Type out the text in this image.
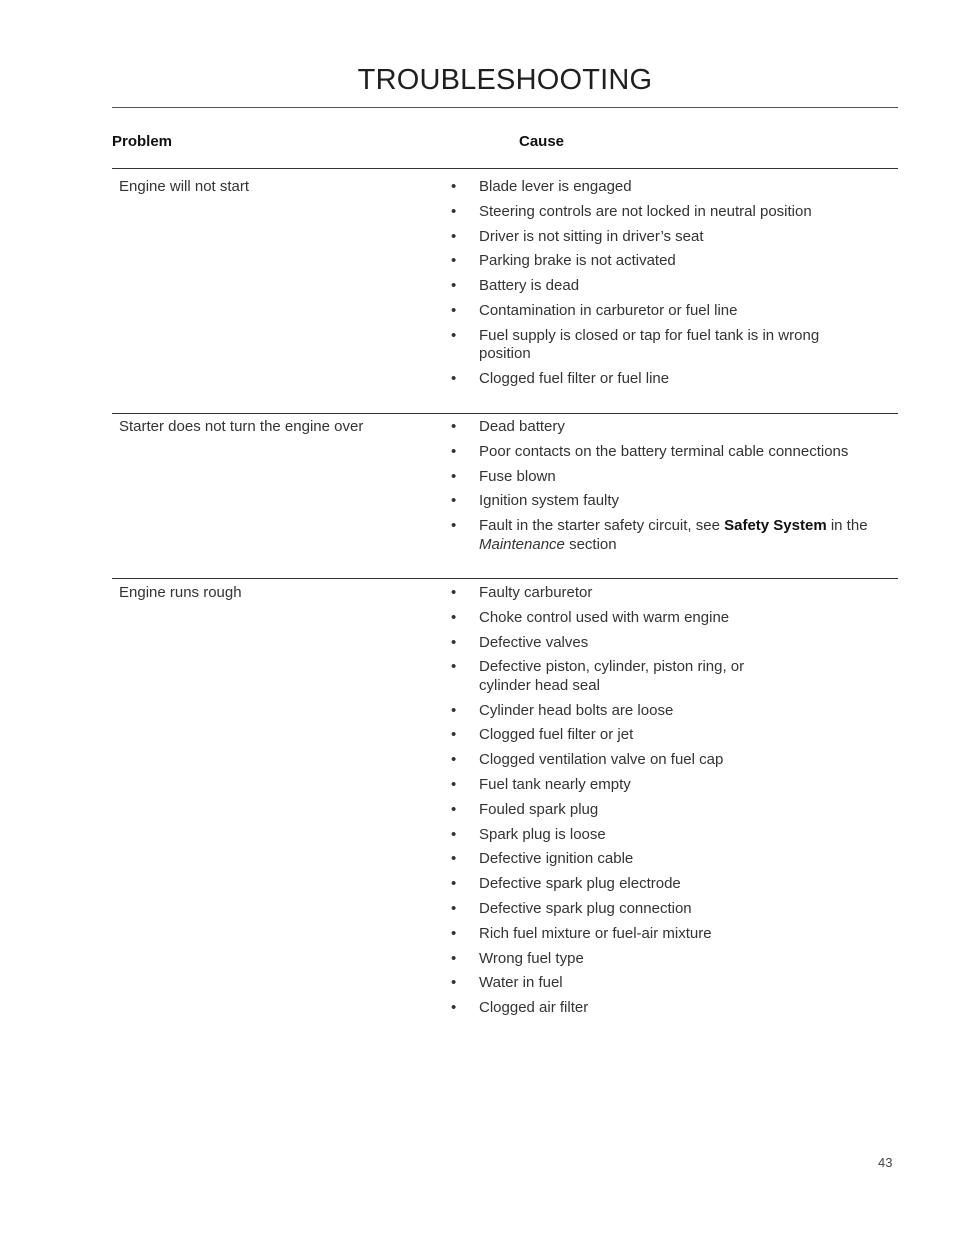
TROUBLESHOOTING
Problem	Cause
Engine will not start	• Blade lever is engaged
• Steering controls are not locked in neutral position
• Driver is not sitting in driver’s seat
• Parking brake is not activated
• Battery is dead
• Contamination in carburetor or fuel line
• Fuel supply is closed or tap for fuel tank is in wrong position
• Clogged fuel filter or fuel line
Starter does not turn the engine over	• Dead battery
• Poor contacts on the battery terminal cable connections
• Fuse blown
• Ignition system faulty
• Fault in the starter safety circuit, see Safety System in the
Maintenance section
Engine runs rough	• Faulty carburetor
• Choke control used with warm engine
• Defective valves
• Defective piston, cylinder, piston ring, or cylinder head seal
• Cylinder head bolts are loose
• Clogged fuel filter or jet
• Clogged ventilation valve on fuel cap
• Fuel tank nearly empty
• Fouled spark plug
• Spark plug is loose
• Defective ignition cable
• Defective spark plug electrode
• Defective spark plug connection
• Rich fuel mixture or fuel-air mixture
• Wrong fuel type
• Water in fuel
• Clogged air filter
43
